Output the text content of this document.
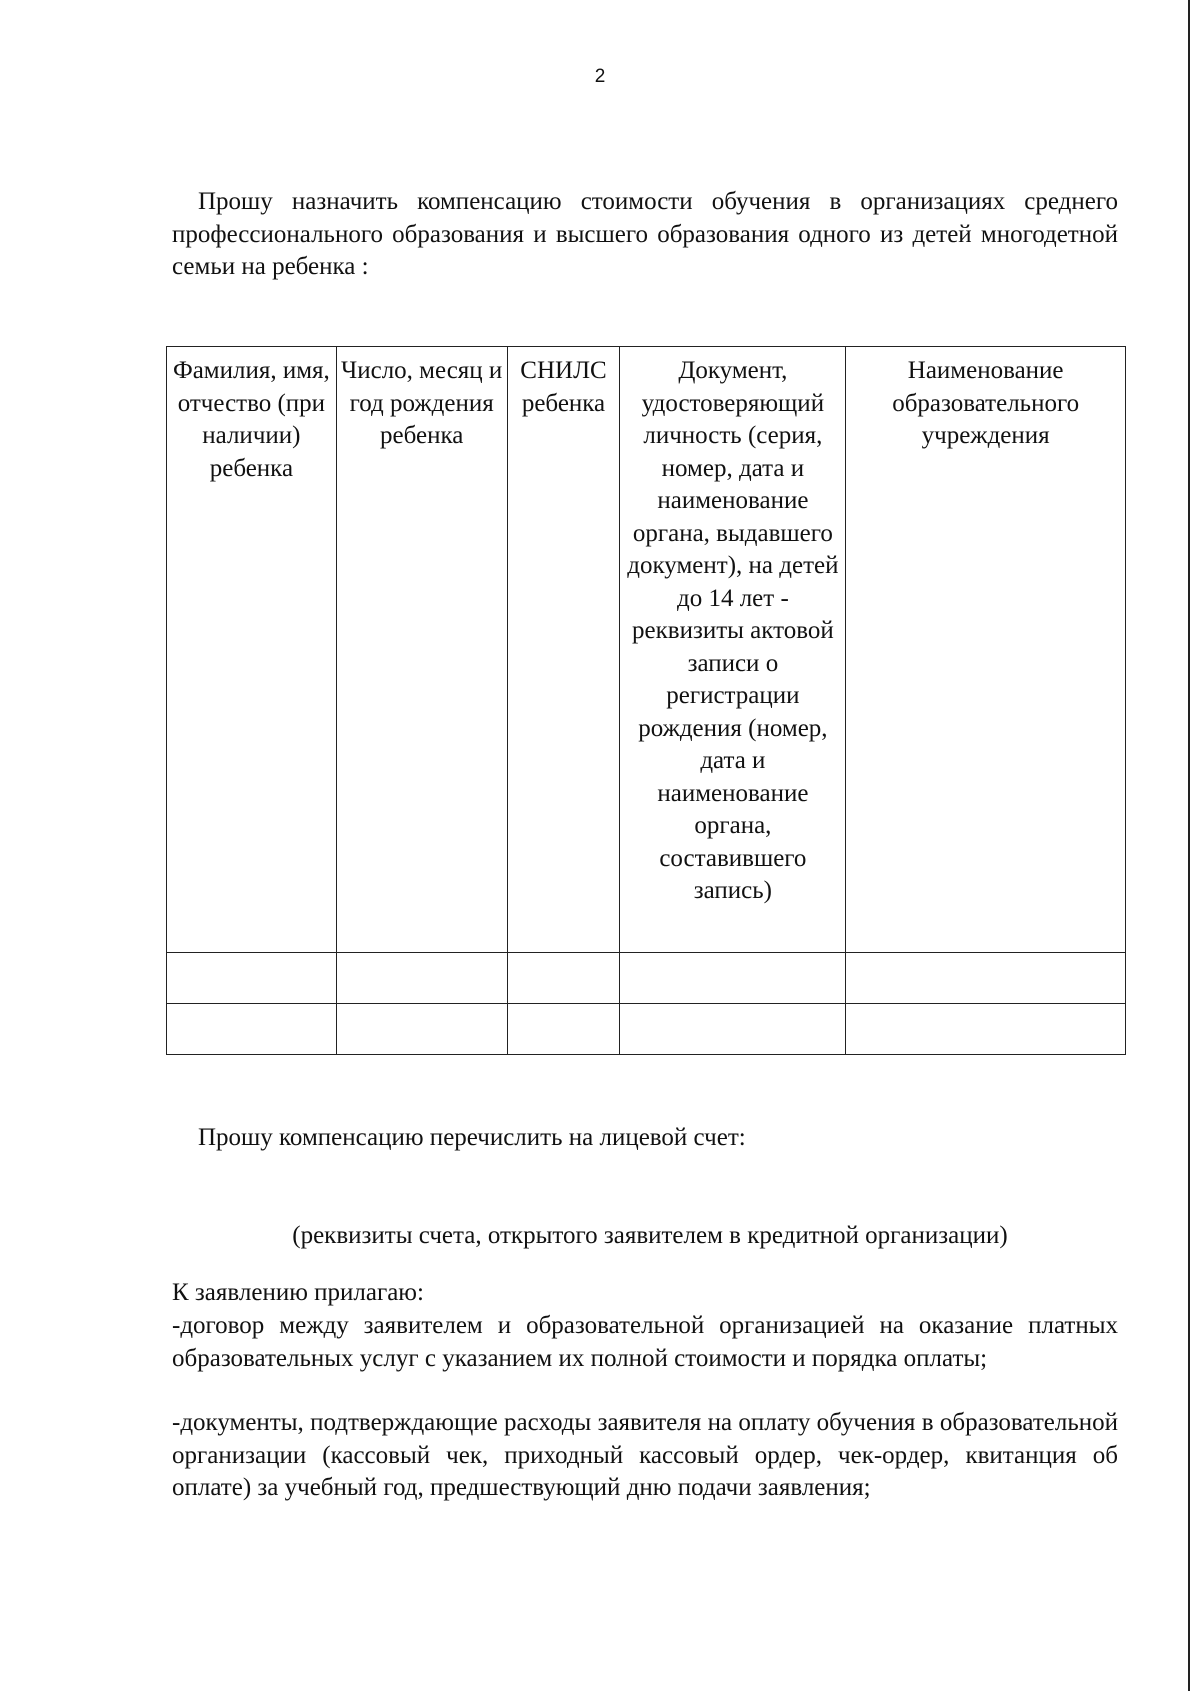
2
Прошу назначить компенсацию стоимости обучения в организациях среднего профессионального образования и высшего образования одного из детей многодетной семьи на ребенка :
Фамилия, имя, отчество (при наличии) ребенка	Число, месяц и год рождения ребенка	СНИЛС ребенка	Документ, удостоверяющий личность (серия, номер, дата и наименование органа, выдавшего документ), на детей до 14 лет - реквизиты актовой записи о регистрации рождения (номер, дата и наименование органа, составившего запись)	Наименование образовательного учреждения

Прошу компенсацию перечислить на лицевой счет:
(реквизиты счета, открытого заявителем в кредитной организации)
К заявлению прилагаю:
-договор между заявителем и образовательной организацией на оказание платных образовательных услуг с указанием их полной стоимости и порядка оплаты;
-документы, подтверждающие расходы заявителя на оплату обучения в образовательной организации (кассовый чек, приходный кассовый ордер, чек-ордер, квитанция об оплате) за учебный год, предшествующий дню подачи заявления;
